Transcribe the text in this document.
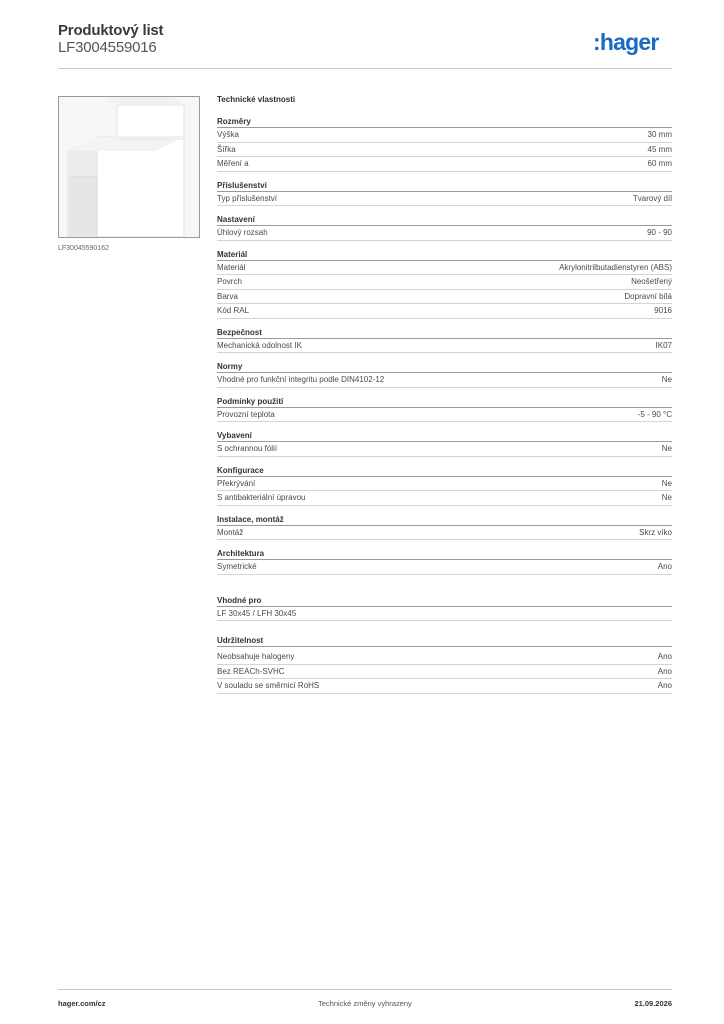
Produktový list
LF3004559016	:hager
LF30045590162
Technické vlastnosti
Rozměry
Výška	30 mm
Šířka	45 mm
Měření a	60 mm
Příslušenství
Typ příslušenství	Tvarový díl
Nastavení
Úhlový rozsah	90 - 90
Materiál
Materiál	Akrylonitrilbutadienstyren (ABS)
Povrch	Neošetřený
Barva	Dopravní bílá
Kód RAL	9016
Bezpečnost
Mechanická odolnost IK	IK07
Normy
Vhodné pro funkční integritu podle DIN4102-12	Ne
Podmínky použití
Provozní teplota	-5 - 90 °C
Vybavení
S ochrannou fólií	Ne
Konfigurace
Překrývání	Ne
S antibakteriální úpravou	Ne
Instalace, montáž
Montáž	Skrz víko
Architektura
Symetrické	Ano
Vhodné pro
LF 30x45 / LFH 30x45
Udržitelnost
Neobsahuje halogeny	Ano
Bez REACh-SVHC	Ano
V souladu se směrnicí RoHS	Ano
hager.com/cz	Technické změny vyhrazeny	21.09.2026
